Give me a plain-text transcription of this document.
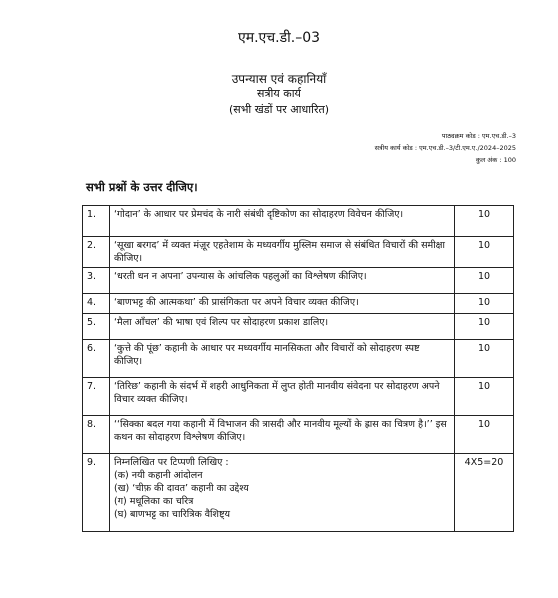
एम.एच.डी.–03
उपन्यास एवं कहानियाँ
सत्रीय कार्य
(सभी खंडों पर आधारित)
पाठ्यक्रम कोड : एम.एच.डी.–3
सत्रीय कार्य कोड : एम.एच.डी.–3/टी.एम.ए./2024–2025
कुल अंक : 100
सभी प्रश्नों के उत्तर दीजिए।
1.	‘गोदान’ के आधार पर प्रेमचंद के नारी संबंधी दृष्टिकोण का सोदाहरण विवेचन कीजिए।	10
2.	‘सूखा बरगद’ में व्यक्त मंज़ूर एहतेशाम के मध्यवर्गीय मुस्लिम समाज से संबंधित विचारों की समीक्षा कीजिए।	10
3.	‘धरती धन न अपना’ उपन्यास के आंचलिक पहलुओं का विश्लेषण कीजिए।	10
4.	‘बाणभट्ट की आत्मकथा’ की प्रासंगिकता पर अपने विचार व्यक्त कीजिए।	10
5.	‘मैला आँचल’ की भाषा एवं शिल्प पर सोदाहरण प्रकाश डालिए।	10
6.	‘कुत्ते की पूंछ’ कहानी के आधार पर मध्यवर्गीय मानसिकता और विचारों को सोदाहरण स्पष्ट कीजिए।	10
7.	‘तिरिछ’ कहानी के संदर्भ में शहरी आधुनिकता में लुप्त होती मानवीय संवेदना पर सोदाहरण अपने विचार व्यक्त कीजिए।	10
8.	‘‘सिक्का बदल गया कहानी में विभाजन की त्रासदी और मानवीय मूल्यों के ह्रास का चित्रण है।’’ इस कथन का सोदाहरण विश्लेषण कीजिए।	10
9.	निम्नलिखित पर टिप्पणी लिखिए :
(क) नयी कहानी आंदोलन
(ख) ‘चीफ़ की दावत’ कहानी का उद्देश्य
(ग) मधूलिका का चरित्र
(घ) बाणभट्ट का चारित्रिक वैशिष्ट्य	4X5=20
